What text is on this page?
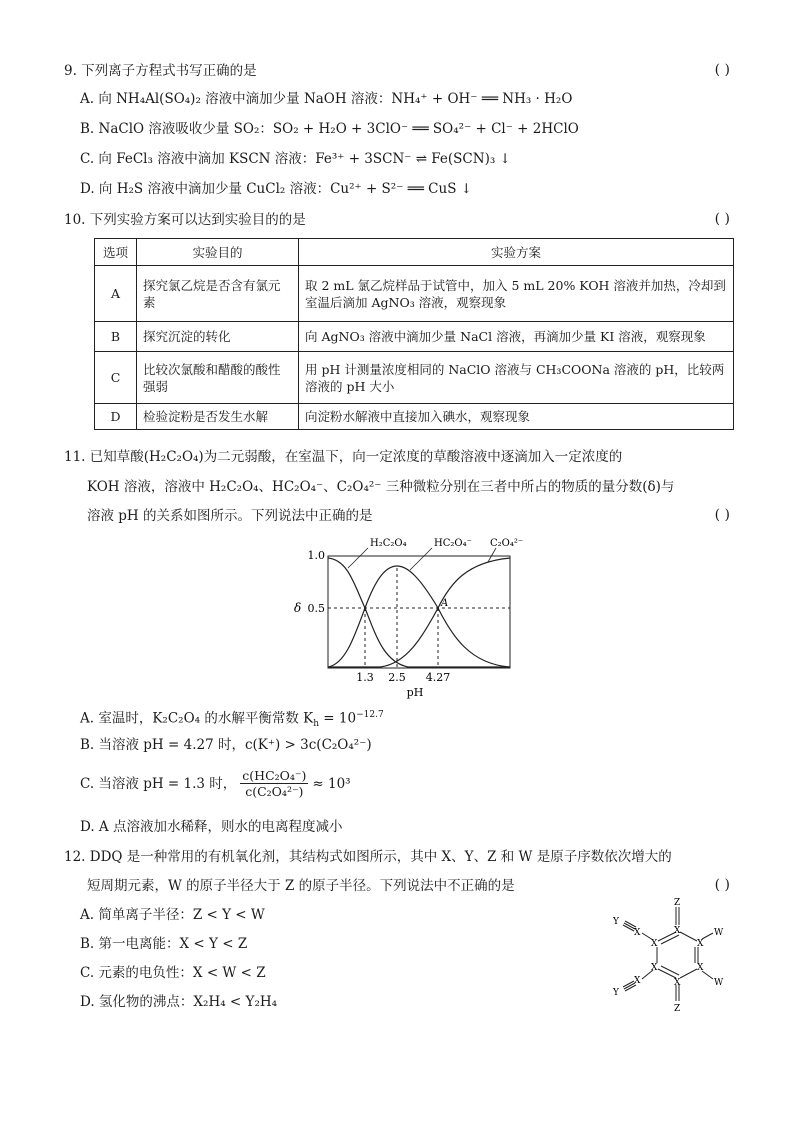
9. 下列离子方程式书写正确的是	( )
A. 向 NH₄Al(SO₄)₂ 溶液中滴加少量 NaOH 溶液：NH₄⁺ + OH⁻ ══ NH₃ · H₂O
B. NaClO 溶液吸收少量 SO₂：SO₂ + H₂O + 3ClO⁻ ══ SO₄²⁻ + Cl⁻ + 2HClO
C. 向 FeCl₃ 溶液中滴加 KSCN 溶液：Fe³⁺ + 3SCN⁻ ⇌ Fe(SCN)₃ ↓
D. 向 H₂S 溶液中滴加少量 CuCl₂ 溶液：Cu²⁺ + S²⁻ ══ CuS ↓
10. 下列实验方案可以达到实验目的的是	( )
选项	实验目的	实验方案
A	探究氯乙烷是否含有氯元素	取 2 mL 氯乙烷样品于试管中，加入 5 mL 20% KOH 溶液并加热，冷却到室温后滴加 AgNO₃ 溶液，观察现象
B	探究沉淀的转化	向 AgNO₃ 溶液中滴加少量 NaCl 溶液，再滴加少量 KI 溶液，观察现象
C	比较次氯酸和醋酸的酸性强弱	用 pH 计测量浓度相同的 NaClO 溶液与 CH₃COONa 溶液的 pH，比较两溶液的 pH 大小
D	检验淀粉是否发生水解	向淀粉水解液中直接加入碘水，观察现象
11. 已知草酸(H₂C₂O₄)为二元弱酸，在室温下，向一定浓度的草酸溶液中逐滴加入一定浓度的
KOH 溶液，溶液中 H₂C₂O₄、HC₂O₄⁻、C₂O₄²⁻ 三种微粒分别在三者中所占的物质的量分数(δ)与
溶液 pH 的关系如图所示。下列说法中正确的是	( )
H₂C₂O₄	HC₂O₄⁻ C₂O₄²⁻
1.0
0.5
δ
1.3 2.5 4.27
pH
A
A. 室温时，K₂C₂O₄ 的水解平衡常数 $K_h = 10^{-12.7}$
B. 当溶液 pH = 4.27 时，c(K⁺) > 3c(C₂O₄²⁻)
C. 当溶液 pH = 1.3 时， $\frac{\text{c(HC₂O₄⁻)}}{\text{c(C₂O₄²⁻)}} \approx 10^3$
D. A 点溶液加水稀释，则水的电离程度减小
12. DDQ 是一种常用的有机氧化剂，其结构式如图所示，其中 X、Y、Z 和 W 是原子序数依次增大的
短周期元素，W 的原子半径大于 Z 的原子半径。下列说法中不正确的是	( )
A. 简单离子半径：Z < Y < W
B. 第一电离能：X < Y < Z
C. 元素的电负性：X < W < Z
D. 氢化物的沸点：X₂H₄ < Y₂H₄
Z
X
X	X
X	X
X
Z
W
W
X
X
Y
Y
